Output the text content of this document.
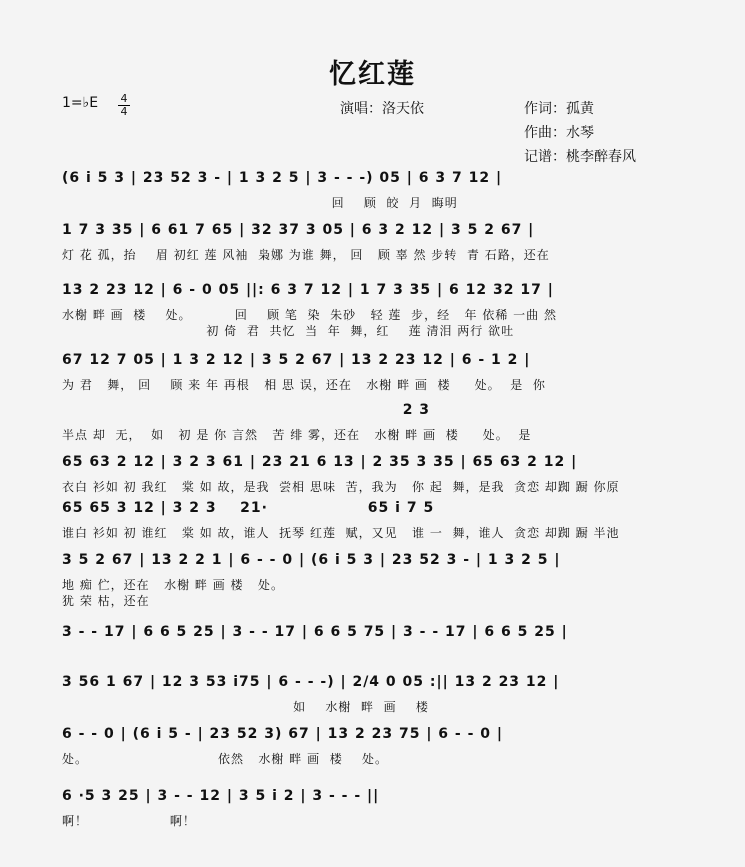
忆红莲
1=♭E 4
4	演唱：洛天依	作词：孤黄
作曲：水琴
记谱：桃李醉春风
(6 i 5 3 | 23 52 3 - | 1 3 2 5 | 3 - - -) 05 | 6 3 7 12 |
回    顾  皎  月  晦明
1 7 3 35 | 6 61 7 65 | 32 37 3 05 | 6 3 2 12 | 3 5 2 67 |
灯 花 孤，抬    眉 初红 莲 风袖  枭娜 为谁 舞， 回   顾 辜 然 步转  青 石路，还在
13 2 23 12 | 6 - 0 05 ||: 6 3 7 12 | 1 7 3 35 | 6 12 32 17 |
水榭 畔 画  楼    处。         回    顾 笔  染  朱砂   轻 莲  步，经   年 依稀 一曲 然
初 倚  君  共忆  当  年  舞，红    莲 清泪 两行 欲吐
67 12 7 05 | 1 3 2 12 | 3 5 2 67 | 13 2 23 12 | 6 - 1 2 |
为 君   舞， 回    顾 来 年 再根   相 思 误，还在   水榭 畔 画  楼     处。  是  你
2 3
半点 却  无，  如   初 是 你 言然   苦 绯 雾，还在   水榭 畔 画  楼     处。  是
65 63 2 12 | 3 2 3 61 | 23 21 6 13 | 2 35 3 35 | 65 63 2 12 |
衣白 衫如 初 我红   棠 如 故，是我  尝相 思味  苦，我为   你 起  舞，是我  贪恋 却踟 蹰 你原
65 65 3 12 | 3 2 3    21·                 65 i 7 5
谁白 衫如 初 谁红   棠 如 故，谁人  抚琴 红莲  赋，又见   谁 一  舞，谁人  贪恋 却踟 蹰 半池
3 5 2 67 | 13 2 2 1 | 6 - - 0 | (6 i 5 3 | 23 52 3 - | 1 3 2 5 |
地 痴 伫，还在   水榭 畔 画 楼   处。
犹 荣 枯，还在
3 - - 17 | 6 6 5 25 | 3 - - 17 | 6 6 5 75 | 3 - - 17 | 6 6 5 25 |
3 56 1 67 | 12 3 53 i75 | 6 - - -) | 2/4 0 05 :|| 13 2 23 12 |
如    水榭  畔  画    楼
6 - - 0 | (6 i 5 - | 23 52 3) 67 | 13 2 23 75 | 6 - - 0 |
处。                           依然   水榭 畔 画  楼    处。
6 ·5 3 25 | 3 - - 12 | 3 5 i 2 | 3 - - - ||
啊！                 啊！
